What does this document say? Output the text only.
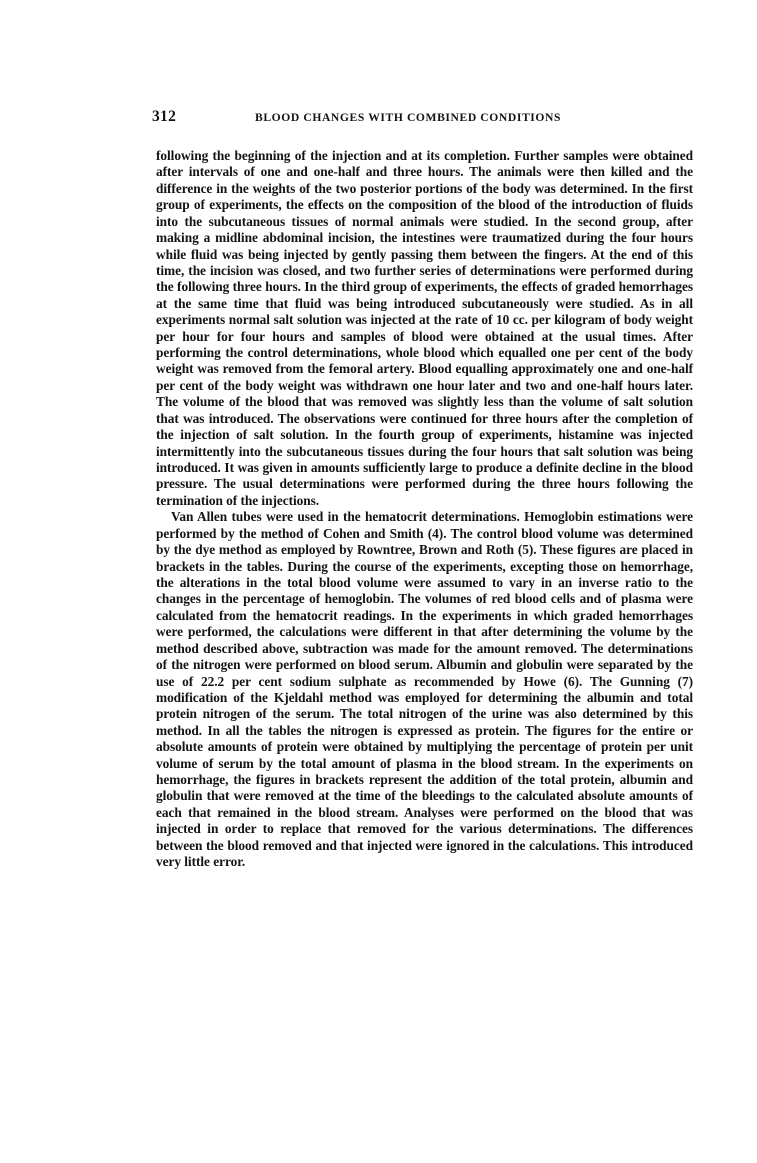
312	BLOOD CHANGES WITH COMBINED CONDITIONS

following the beginning of the injection and at its completion. Further samples were obtained after intervals of one and one-half and three hours. The animals were then killed and the difference in the weights of the two posterior portions of the body was determined. In the first group of experiments, the effects on the composition of the blood of the introduction of fluids into the subcutaneous tissues of normal animals were studied. In the second group, after making a midline abdominal incision, the intestines were traumatized during the four hours while fluid was being injected by gently passing them between the fingers. At the end of this time, the incision was closed, and two further series of determinations were performed during the following three hours. In the third group of experiments, the effects of graded hemorrhages at the same time that fluid was being introduced subcutaneously were studied. As in all experiments normal salt solution was injected at the rate of 10 cc. per kilogram of body weight per hour for four hours and samples of blood were obtained at the usual times. After performing the control determinations, whole blood which equalled one per cent of the body weight was removed from the femoral artery. Blood equalling approximately one and one-half per cent of the body weight was withdrawn one hour later and two and one-half hours later. The volume of the blood that was removed was slightly less than the volume of salt solution that was introduced. The observations were continued for three hours after the completion of the injection of salt solution. In the fourth group of experiments, histamine was injected intermittently into the subcutaneous tissues during the four hours that salt solution was being introduced. It was given in amounts sufficiently large to produce a definite decline in the blood pressure. The usual determinations were performed during the three hours following the termination of the injections.

Van Allen tubes were used in the hematocrit determinations. Hemoglobin estimations were performed by the method of Cohen and Smith (4). The control blood volume was determined by the dye method as employed by Rowntree, Brown and Roth (5). These figures are placed in brackets in the tables. During the course of the experiments, excepting those on hemorrhage, the alterations in the total blood volume were assumed to vary in an inverse ratio to the changes in the percentage of hemoglobin. The volumes of red blood cells and of plasma were calculated from the hematocrit readings. In the experiments in which graded hemorrhages were performed, the calculations were different in that after determining the volume by the method described above, subtraction was made for the amount removed. The determinations of the nitrogen were performed on blood serum. Albumin and globulin were separated by the use of 22.2 per cent sodium sulphate as recommended by Howe (6). The Gunning (7) modification of the Kjeldahl method was employed for determining the albumin and total protein nitrogen of the serum. The total nitrogen of the urine was also determined by this method. In all the tables the nitrogen is expressed as protein. The figures for the entire or absolute amounts of protein were obtained by multiplying the percentage of protein per unit volume of serum by the total amount of plasma in the blood stream. In the experiments on hemorrhage, the figures in brackets represent the addition of the total protein, albumin and globulin that were removed at the time of the bleedings to the calculated absolute amounts of each that remained in the blood stream. Analyses were performed on the blood that was injected in order to replace that removed for the various determinations. The differences between the blood removed and that injected were ignored in the calculations. This introduced very little error.
